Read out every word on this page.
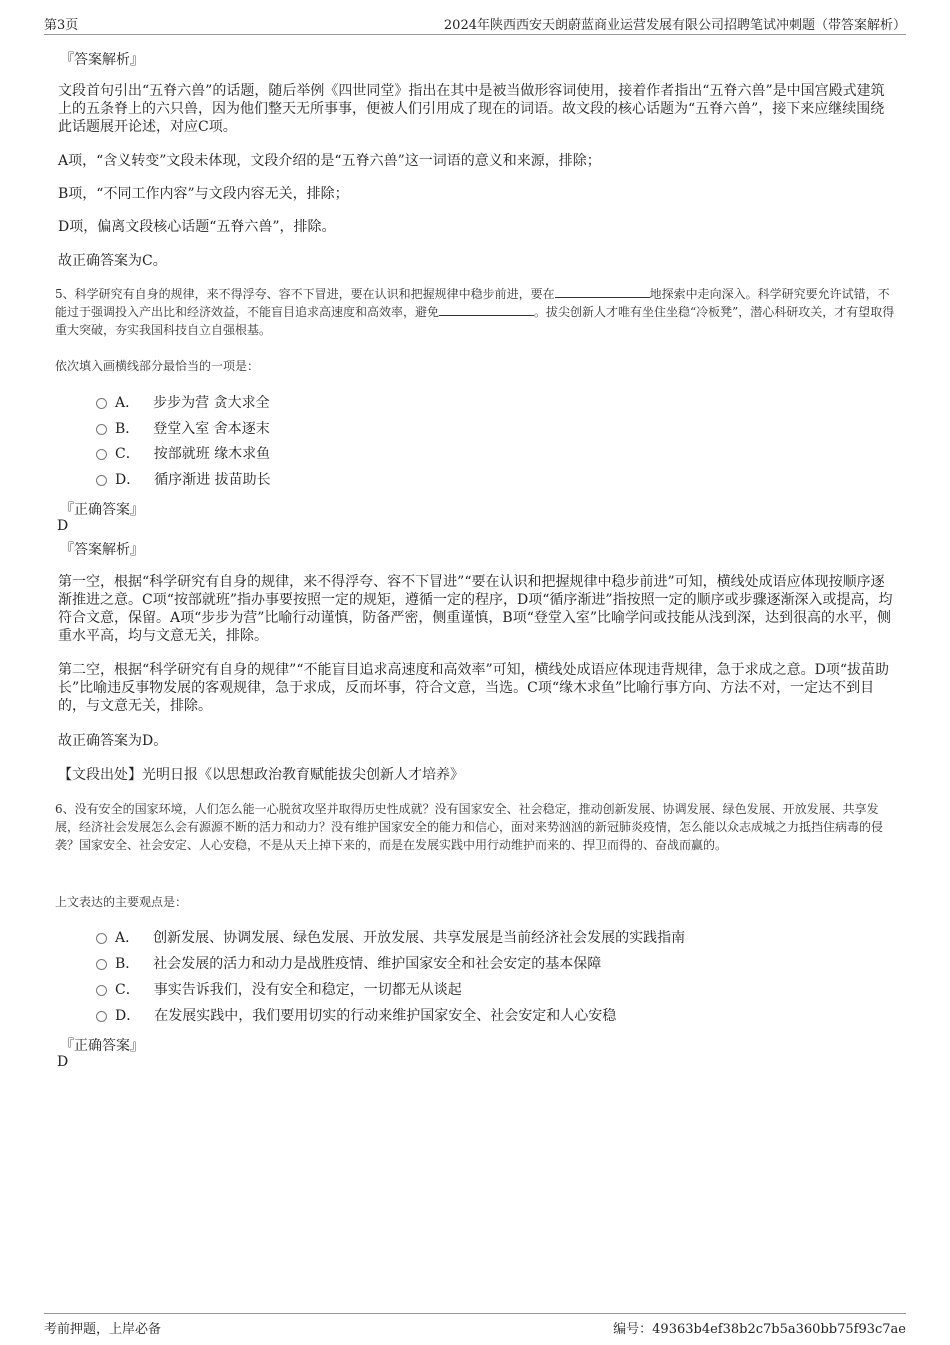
第3页	2024年陕西西安天朗蔚蓝商业运营发展有限公司招聘笔试冲刺题（带答案解析）
『答案解析』
文段首句引出“五脊六兽”的话题，随后举例《四世同堂》指出在其中是被当做形容词使用，接着作者指出“五脊六兽”是中国宫殿式建筑上的五条脊上的六只兽，因为他们整天无所事事，便被人们引用成了现在的词语。故文段的核心话题为“五脊六兽”，接下来应继续围绕此话题展开论述，对应C项。
A项，“含义转变”文段未体现，文段介绍的是“五脊六兽”这一词语的意义和来源，排除；
B项，“不同工作内容”与文段内容无关，排除；
D项，偏离文段核心话题“五脊六兽”，排除。
故正确答案为C。
5、科学研究有自身的规律，来不得浮夸、容不下冒进，要在认识和把握规律中稳步前进，要在	地探索中走向深入。科学研究要允许试错，不能过于强调投入产出比和经济效益，不能盲目追求高速度和高效率，避免	。拔尖创新人才唯有坐住坐稳“冷板凳”，潜心科研攻关，才有望取得重大突破，夯实我国科技自立自强根基。
依次填入画横线部分最恰当的一项是：
A． 步步为营 贪大求全
B． 登堂入室 舍本逐末
C． 按部就班 缘木求鱼
D． 循序渐进 拔苗助长
『正确答案』
D
『答案解析』
第一空，根据“科学研究有自身的规律，来不得浮夸、容不下冒进”“要在认识和把握规律中稳步前进”可知，横线处成语应体现按顺序逐渐推进之意。C项“按部就班”指办事要按照一定的规矩，遵循一定的程序，D项“循序渐进”指按照一定的顺序或步骤逐渐深入或提高，均符合文意，保留。A项“步步为营”比喻行动谨慎，防备严密，侧重谨慎，B项“登堂入室”比喻学问或技能从浅到深，达到很高的水平，侧重水平高，均与文意无关，排除。
第二空，根据“科学研究有自身的规律”“不能盲目追求高速度和高效率”可知，横线处成语应体现违背规律，急于求成之意。D项“拔苗助长”比喻违反事物发展的客观规律，急于求成，反而坏事，符合文意，当选。C项“缘木求鱼”比喻行事方向、方法不对，一定达不到目的，与文意无关，排除。
故正确答案为D。
【文段出处】光明日报《以思想政治教育赋能拔尖创新人才培养》
6、没有安全的国家环境，人们怎么能一心脱贫攻坚并取得历史性成就？没有国家安全、社会稳定，推动创新发展、协调发展、绿色发展、开放发展、共享发展，经济社会发展怎么会有源源不断的活力和动力？没有维护国家安全的能力和信心，面对来势汹汹的新冠肺炎疫情，怎么能以众志成城之力抵挡住病毒的侵袭？国家安全、社会安定、人心安稳，不是从天上掉下来的，而是在发展实践中用行动维护而来的、捍卫而得的、奋战而赢的。
上文表达的主要观点是：
A． 创新发展、协调发展、绿色发展、开放发展、共享发展是当前经济社会发展的实践指南
B． 社会发展的活力和动力是战胜疫情、维护国家安全和社会安定的基本保障
C． 事实告诉我们，没有安全和稳定，一切都无从谈起
D． 在发展实践中，我们要用切实的行动来维护国家安全、社会安定和人心安稳
『正确答案』
D
考前押题，上岸必备	编号：49363b4ef38b2c7b5a360bb75f93c7ae
